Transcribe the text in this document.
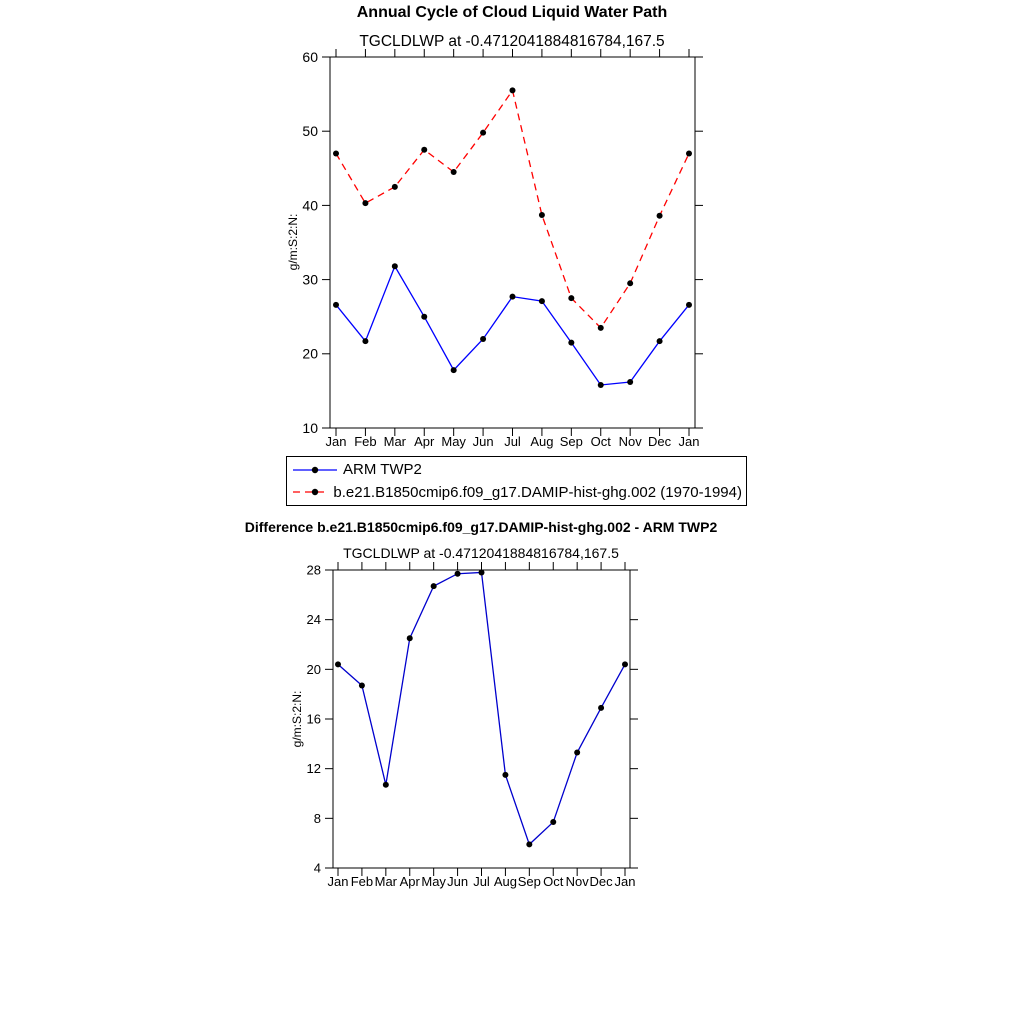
Annual Cycle of Cloud Liquid Water Path
TGCLDLWP at -0.4712041884816784,167.5
g/m:S:2:N:
Difference b.e21.B1850cmip6.f09_g17.DAMIP-hist-ghg.002 - ARM TWP2
TGCLDLWP at -0.4712041884816784,167.5
g/m:S:2:N:
10
20
30
40
50
60
Jan Feb Mar Apr May Jun Jul Aug Sep Oct Nov Dec Jan
4
8
12
16
20
24
28
Jan Feb Mar Apr May Jun Jul Aug Sep Oct Nov Dec Jan
ARM TWP2
b.e21.B1850cmip6.f09_g17.DAMIP-hist-ghg.002 (1970-1994)
